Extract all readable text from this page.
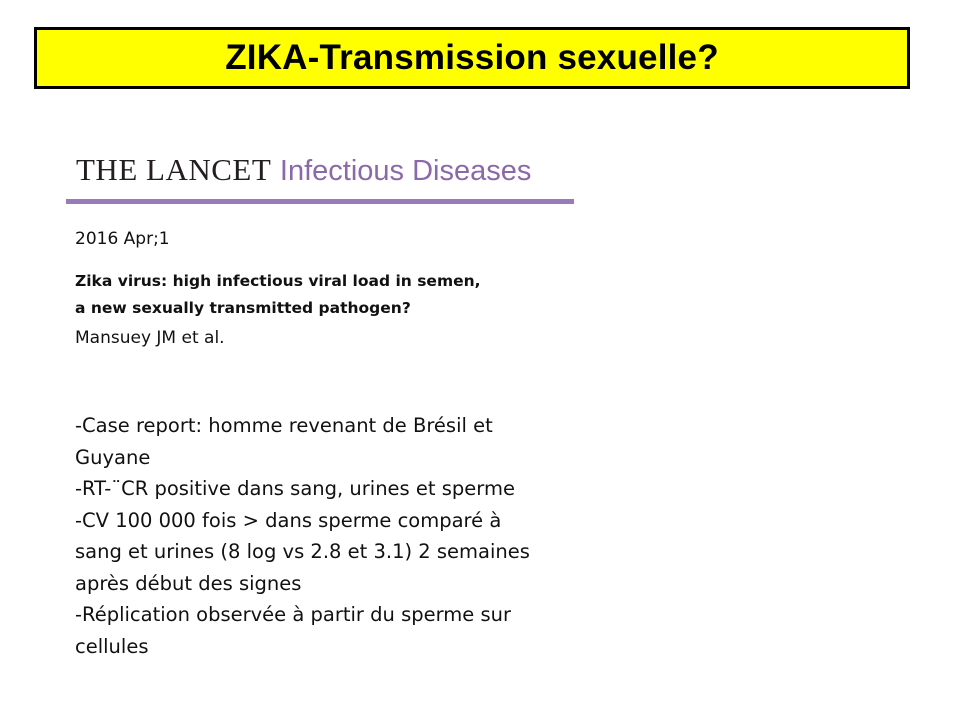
ZIKA-Transmission sexuelle?
THE LANCET Infectious Diseases
2016 Apr;1
Zika virus: high infectious viral load in semen,
a new sexually transmitted pathogen?
Mansuey JM et al.

-Case report: homme revenant de Brésil et Guyane

-RT-¨CR positive dans sang, urines et sperme

-CV 100 000 fois > dans sperme comparé à sang et urines (8 log vs 2.8 et 3.1) 2 semaines après début des signes

-Réplication observée à partir du sperme sur cellules
